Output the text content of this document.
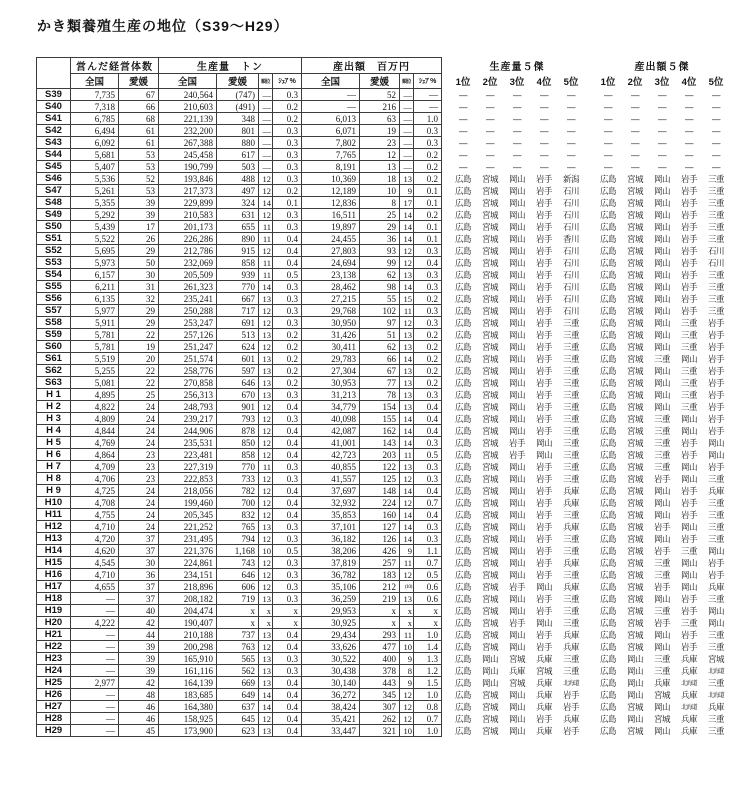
かき類養殖生産の地位（S39～H29）
	営んだ経営体数		生産量　トン				産出額　百万円					生産量５傑						産出額５傑				
	全国	愛媛	全国	愛媛	順位	ｼｪｱ %	全国	愛媛	順位	ｼｪｱ %		1位	2位	3位	4位	5位		1位	2位	3位	4位	5位
S39	7,735	67	240,564	(747)	—	0.3	—	52	—	—		—	—	—	—	—		—	—	—	—	—
S40	7,318	66	210,603	(491)	—	0.2	—	216	—	—		—	—	—	—	—		—	—	—	—	—
S41	6,785	68	221,139	348	—	0.2	6,013	63	—	1.0		—	—	—	—	—		—	—	—	—	—
S42	6,494	61	232,200	801	—	0.3	6,071	19	—	0.3		—	—	—	—	—		—	—	—	—	—
S43	6,092	61	267,388	880	—	0.3	7,802	23	—	0.3		—	—	—	—	—		—	—	—	—	—
S44	5,681	53	245,458	617	—	0.3	7,765	12	—	0.2		—	—	—	—	—		—	—	—	—	—
S45	5,407	53	190,799	503	—	0.3	8,191	13	—	0.2		—	—	—	—	—		—	—	—	—	—
S46	5,536	52	193,846	488	12	0.3	10,369	18	13	0.2		広島	宮城	岡山	岩手	新潟		広島	宮城	岡山	岩手	三重
S47	5,261	53	217,373	497	12	0.2	12,189	10	9	0.1		広島	宮城	岡山	岩手	石川		広島	宮城	岡山	岩手	三重
S48	5,355	39	229,899	324	14	0.1	12,836	8	17	0.1		広島	宮城	岡山	岩手	石川		広島	宮城	岡山	岩手	三重
S49	5,292	39	210,583	631	12	0.3	16,511	25	14	0.2		広島	宮城	岡山	岩手	石川		広島	宮城	岡山	岩手	三重
S50	5,439	17	201,173	655	11	0.3	19,897	29	14	0.1		広島	宮城	岡山	岩手	石川		広島	宮城	岡山	岩手	三重
S51	5,522	26	226,286	890	11	0.4	24,455	36	14	0.1		広島	宮城	岡山	岩手	香川		広島	宮城	岡山	岩手	三重
S52	5,695	29	212,786	915	12	0.4	27,803	93	12	0.3		広島	宮城	岡山	岩手	石川		広島	宮城	岡山	岩手	石川
S53	5,973	50	232,069	858	11	0.4	24,694	99	12	0.4		広島	宮城	岡山	岩手	石川		広島	宮城	岡山	岩手	石川
S54	6,157	30	205,509	939	11	0.5	23,138	62	13	0.3		広島	宮城	岡山	岩手	石川		広島	宮城	岡山	岩手	三重
S55	6,211	31	261,323	770	14	0.3	28,462	98	14	0.3		広島	宮城	岡山	岩手	石川		広島	宮城	岡山	岩手	三重
S56	6,135	32	235,241	667	13	0.3	27,215	55	15	0.2		広島	宮城	岡山	岩手	石川		広島	宮城	岡山	岩手	三重
S57	5,977	29	250,288	717	12	0.3	29,768	102	11	0.3		広島	宮城	岡山	岩手	石川		広島	宮城	岡山	岩手	三重
S58	5,911	29	253,247	691	12	0.3	30,950	97	12	0.3		広島	宮城	岡山	岩手	三重		広島	宮城	岡山	三重	岩手
S59	5,781	22	257,126	513	13	0.2	31,426	51	13	0.2		広島	宮城	岡山	岩手	三重		広島	宮城	岡山	三重	岩手
S60	5,781	19	251,247	624	12	0.2	30,411	62	13	0.2		広島	宮城	岡山	岩手	三重		広島	宮城	岡山	三重	岩手
S61	5,519	20	251,574	601	13	0.2	29,783	66	14	0.2		広島	宮城	岡山	岩手	三重		広島	宮城	三重	岡山	岩手
S62	5,255	22	258,776	597	13	0.2	27,304	67	13	0.2		広島	宮城	岡山	岩手	三重		広島	宮城	岡山	三重	岩手
S63	5,081	22	270,858	646	13	0.2	30,953	77	13	0.2		広島	宮城	岡山	岩手	三重		広島	宮城	岡山	三重	岩手
H 1	4,895	25	256,313	670	13	0.3	31,213	78	13	0.3		広島	宮城	岡山	岩手	三重		広島	宮城	岡山	三重	岩手
H 2	4,822	24	248,793	901	12	0.4	34,779	154	13	0.4		広島	宮城	岡山	岩手	三重		広島	宮城	岡山	三重	岩手
H 3	4,809	24	239,217	793	12	0.3	40,098	155	14	0.4		広島	宮城	岡山	岩手	三重		広島	宮城	三重	岡山	岩手
H 4	4,844	24	244,906	878	12	0.4	42,087	162	14	0.4		広島	宮城	岡山	岩手	三重		広島	宮城	三重	岡山	岩手
H 5	4,769	24	235,531	850	12	0.4	41,001	143	14	0.3		広島	宮城	岩手	岡山	三重		広島	宮城	三重	岩手	岡山
H 6	4,864	23	223,481	858	12	0.4	42,723	203	11	0.5		広島	宮城	岩手	岡山	三重		広島	宮城	三重	岩手	岡山
H 7	4,709	23	227,319	770	11	0.3	40,855	122	13	0.3		広島	宮城	岡山	岩手	三重		広島	宮城	三重	岡山	岩手
H 8	4,706	23	222,853	733	12	0.3	41,557	125	12	0.3		広島	宮城	岡山	岩手	三重		広島	宮城	岩手	岡山	三重
H 9	4,725	24	218,056	782	12	0.4	37,697	148	14	0.4		広島	宮城	岡山	岩手	兵庫		広島	宮城	岡山	岩手	兵庫
H10	4,708	24	199,460	700	12	0.4	32,932	224	12	0.7		広島	宮城	岡山	岩手	兵庫		広島	宮城	岡山	岩手	三重
H11	4,755	24	205,345	832	12	0.4	35,853	160	14	0.4		広島	宮城	岡山	岩手	三重		広島	宮城	岡山	岩手	三重
H12	4,710	24	221,252	765	13	0.3	37,101	127	14	0.3		広島	宮城	岡山	岩手	兵庫		広島	宮城	岩手	岡山	三重
H13	4,720	37	231,495	794	12	0.3	36,182	126	14	0.3		広島	宮城	岡山	岩手	三重		広島	宮城	岡山	岩手	三重
H14	4,620	37	221,376	1,168	10	0.5	38,206	426	9	1.1		広島	宮城	岡山	岩手	三重		広島	宮城	岩手	三重	岡山
H15	4,545	30	224,861	743	12	0.3	37,819	257	11	0.7		広島	宮城	岡山	岩手	兵庫		広島	宮城	三重	岡山	岩手
H16	4,710	36	234,151	646	12	0.3	36,782	183	12	0.5		広島	宮城	岡山	岩手	三重		広島	宮城	三重	岡山	岩手
H17	4,655	37	218,896	606	12	0.3	35,106	212	(10)	0.6		広島	宮城	岩手	岡山	兵庫		広島	宮城	岩手	岡山	兵庫
H18	—	37	208,182	719	13	0.3	36,259	219	13	0.6		広島	宮城	岡山	岩手	三重		広島	宮城	岡山	岩手	三重
H19	—	40	204,474	x	x	x	29,953	x	x	x		広島	宮城	岡山	岩手	三重		広島	宮城	三重	岩手	岡山
H20	4,222	42	190,407	x	x	x	30,925	x	x	x		広島	宮城	岩手	岡山	三重		広島	宮城	岩手	三重	岡山
H21	—	44	210,188	737	13	0.4	29,434	293	11	1.0		広島	宮城	岡山	岩手	兵庫		広島	宮城	岡山	岩手	三重
H22	—	39	200,298	763	12	0.4	33,626	477	10	1.4		広島	宮城	岡山	岩手	兵庫		広島	宮城	岡山	岩手	三重
H23	—	39	165,910	565	13	0.3	30,522	400	9	1.3		広島	岡山	宮城	兵庫	三重		広島	岡山	三重	兵庫	宮城
H24	—	39	161,116	562	13	0.3	30,438	378	8	1.2		広島	岡山	兵庫	宮城	三重		広島	岡山	三重	兵庫	北海道
H25	2,977	42	164,139	669	13	0.4	30,140	443	9	1.5		広島	岡山	宮城	兵庫	北海道		広島	岡山	兵庫	北海道	三重
H26	—	48	183,685	649	14	0.4	36,272	345	12	1.0		広島	宮城	岡山	兵庫	岩手		広島	岡山	宮城	兵庫	北海道
H27	—	46	164,380	637	14	0.4	38,424	307	12	0.8		広島	宮城	岡山	兵庫	岩手		広島	宮城	岡山	北海道	兵庫
H28	—	46	158,925	645	12	0.4	35,421	262	12	0.7		広島	宮城	岡山	岩手	兵庫		広島	岡山	宮城	兵庫	三重
H29	—	45	173,900	623	13	0.4	33,447	321	10	1.0		広島	宮城	岡山	兵庫	岩手		広島	宮城	岡山	兵庫	三重
